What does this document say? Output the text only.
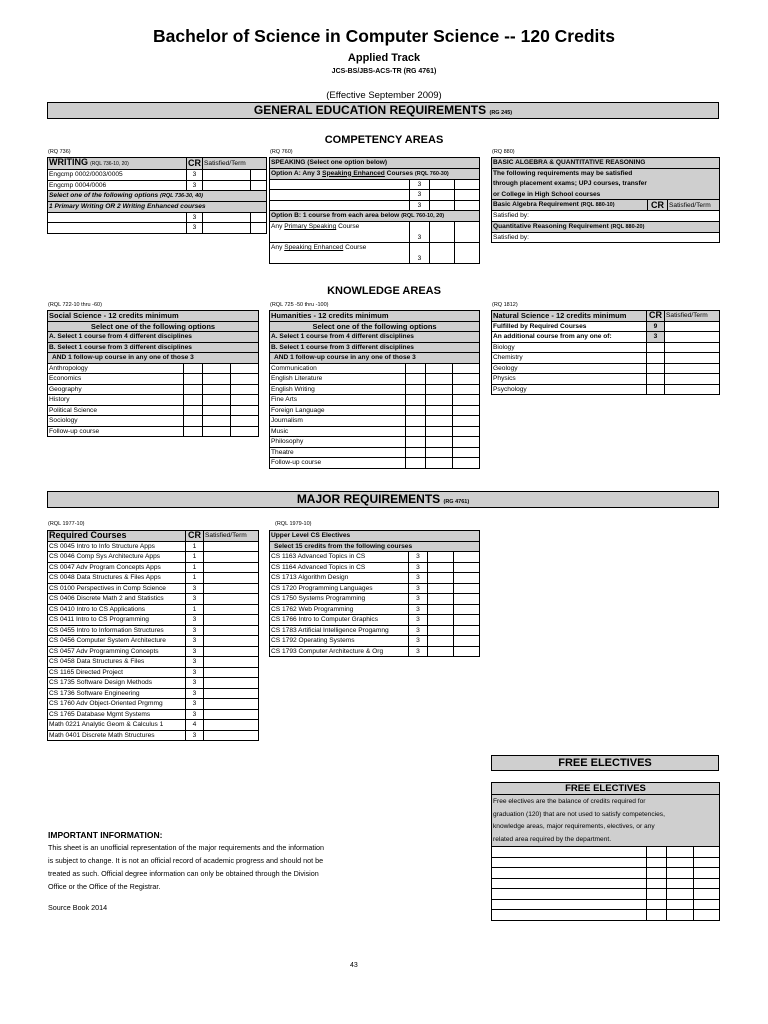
Bachelor of Science in Computer Science -- 120 Credits
Applied Track
JCS-BS/JBS-ACS-TR (RG 4761)
(Effective September 2009)
GENERAL EDUCATION REQUIREMENTS (RG 245)
COMPETENCY AREAS
(RQ 736)
WRITING (RQL 736-10, 20)	CR	Satisfied/Term	
Engcmp 0002/0003/0005	3		
Engcmp 0004/0006	3		
Select one of the following options (RQL 736-30, 40)			
1 Primary Writing OR 2 Writing Enhanced courses			
	3		
	3		
(RQ 760)
SPEAKING (Select one option below)			
Option A: Any 3 Speaking Enhanced Courses (RQL 760-30)			
	3		
	3		
	3		
Option B: 1 course from each area below (RQL 760-10, 20)			
Any Primary Speaking Course	3		
Any Speaking Enhanced Course	3		
(RQ 880)
BASIC ALGEBRA & QUANTITATIVE REASONING
The following requirements may be satisfied
through placement exams; UPJ courses, transfer
or College in High School courses
Basic Algebra Requirement (RQL 880-10)	CR	Satisfied/Term
Satisfied by:
Quantitative Reasoning Requirement (RQL 880-20)
Satisfied by:
KNOWLEDGE AREAS
(RQL 722-10 thru -60)
Social Science - 12 credits minimum			
Select one of the following options			
A. Select 1 course from 4 different disciplines			
B. Select 1 course from 3 different disciplines			
AND 1 follow-up course in any one of those 3			
Anthropology			
Economics			
Geography			
History			
Political Science			
Sociology			
Follow-up course			
(RQL 725 -50 thru -100)
Humanities - 12 credits minimum			
Select one of the following options			
A. Select 1 course from 4 different disciplines			
B. Select 1 course from 3 different disciplines			
AND 1 follow-up course in any one of those 3			
Communication			
English Literature			
English Writing			
Fine Arts			
Foreign Language			
Journalism			
Music			
Philosophy			
Theatre			
Follow-up course			
(RQ 1812)
Natural Science - 12 credits minimum	CR	Satisfied/Term
Fulfilled by Required Courses	9	
An additional course from any one of:	3	
Biology		
Chemistry		
Geology		
Physics		
Psychology		
MAJOR REQUIREMENTS (RG 4761)
(RQL 1977-10)
Required Courses	CR	Satisfied/Term
CS 0045 Intro to Info Structure Apps	1	
CS 0046 Comp Sys Architecture Apps	1	
CS 0047 Adv Program Concepts Apps	1	
CS 0048 Data Structures & Files Apps	1	
CS 0100 Perspectives in Comp Science	3	
CS 0406 Discrete Math 2 and Statistics	3	
CS 0410 Intro to CS Applications	1	
CS 0411 Intro to CS Programming	3	
CS 0455 Intro to Information Structures	3	
CS 0456 Computer System Architecture	3	
CS 0457 Adv Programming Concepts	3	
CS 0458 Data Structures & Files	3	
CS 1165 Directed Project	3	
CS 1735 Software Design Methods	3	
CS 1736 Software Engineering	3	
CS 1760 Adv Object-Oriented Prgmmg	3	
CS 1765 Database Mgmt Systems	3	
Math 0221 Analytic Geom & Calculus 1	4	
Math 0401 Discrete Math Structures	3	
(RQL 1979-10)
Upper Level CS Electives			
Select 15 credits from the following courses			
CS 1163 Advanced Topics in CS	3		
CS 1164 Advanced Topics in CS	3		
CS 1713 Algorithm Design	3		
CS 1720 Programming Languages	3		
CS 1750 Systems Programming	3		
CS 1762 Web Programming	3		
CS 1766 Intro to Computer Graphics	3		
CS 1783 Artificial Intelligence Progamng	3		
CS 1792 Operating Systems	3		
CS 1793 Computer Architecture & Org	3		
FREE ELECTIVES
FREE ELECTIVES			

Free electives are the balance of credits required for
graduation (120) that are not used to satisfy competencies,
knowledge areas, major requirements, electives, or any
related area required by the department.			

IMPORTANT INFORMATION:
This sheet is an unofficial representation of the major requirements and the information
is subject to change. It is not an official record of academic progress and should not be
treated as such. Official degree information can only be obtained through the Division
Office or the Office of the Registrar.
Source Book 2014
43
